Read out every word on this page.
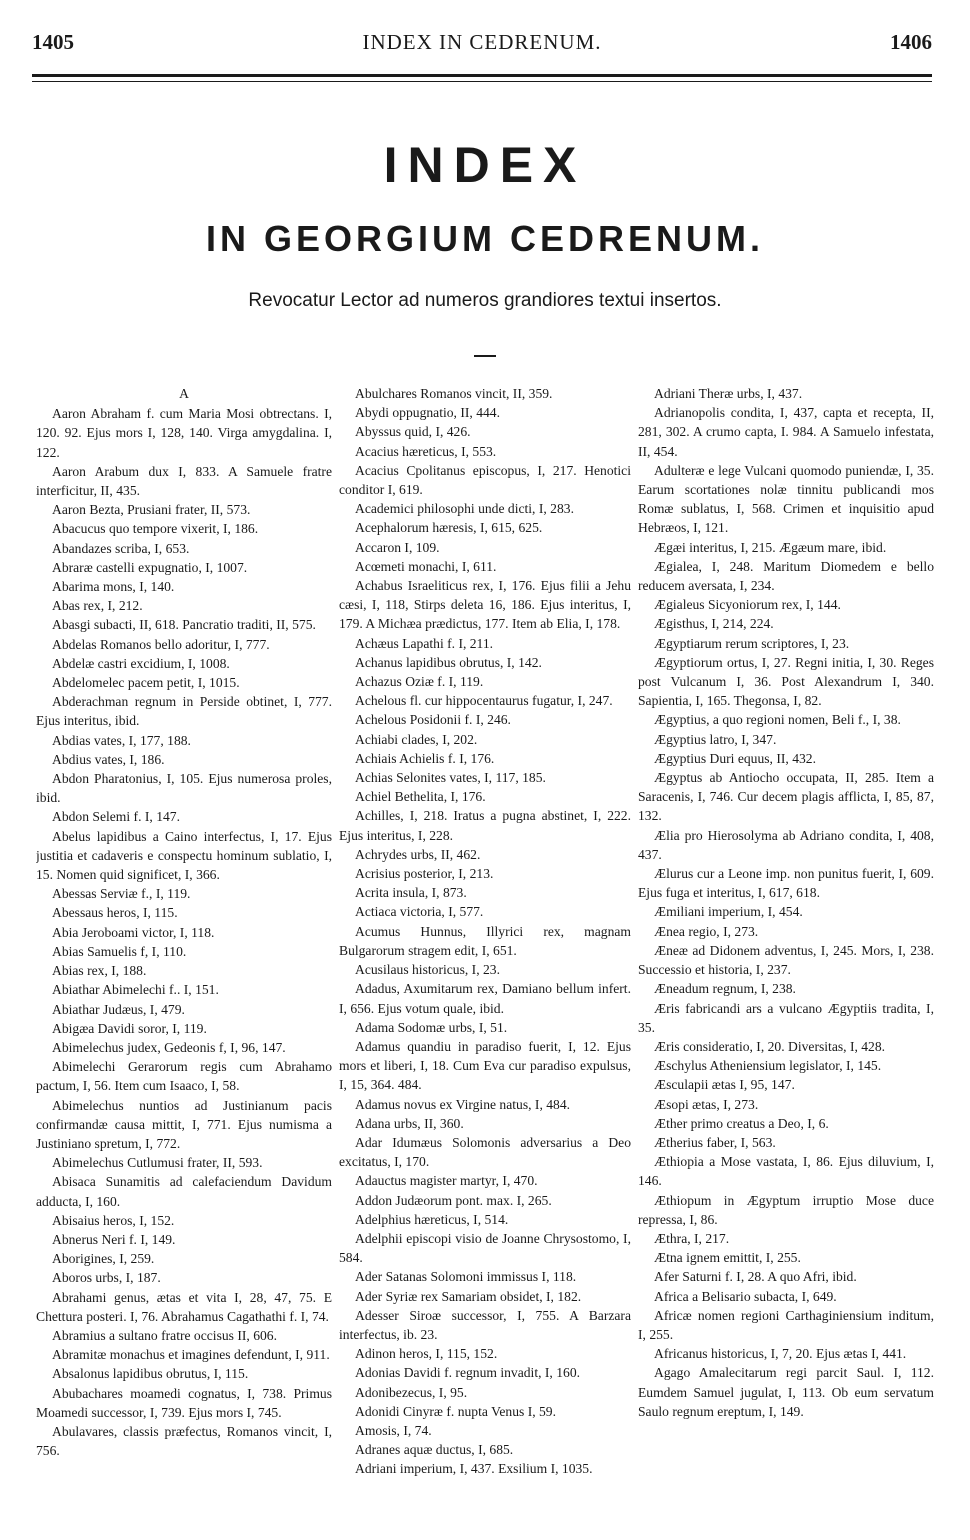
1405	INDEX IN CEDRENUM.	1406
INDEX
IN GEORGIUM CEDRENUM.
Revocatur Lector ad numeros grandiores textui insertos.
A

Aaron Abraham f. cum Maria Mosi obtrectans. I, 120. 92. Ejus mors I, 128, 140. Virga amygdalina. I, 122.

Aaron Arabum dux I, 833. A Samuele fratre interficitur, II, 435.

Aaron Bezta, Prusiani frater, II, 573.

Abacucus quo tempore vixerit, I, 186.

Abandazes scriba, I, 653.

Abraræ castelli expugnatio, I, 1007.

Abarima mons, I, 140.

Abas rex, I, 212.

Abasgi subacti, II, 618. Pancratio traditi, II, 575.

Abdelas Romanos bello adoritur, I, 777.

Abdelæ castri excidium, I, 1008.

Abdelomelec pacem petit, I, 1015.

Abderachman regnum in Perside obtinet, I, 777. Ejus interitus, ibid.

Abdias vates, I, 177, 188.

Abdius vates, I, 186.

Abdon Pharatonius, I, 105. Ejus numerosa proles, ibid.

Abdon Selemi f. I, 147.

Abelus lapidibus a Caino interfectus, I, 17. Ejus justitia et cadaveris e conspectu hominum sublatio, I, 15. Nomen quid significet, I, 366.

Abessas Serviæ f., I, 119.

Abessaus heros, I, 115.

Abia Jeroboami victor, I, 118.

Abias Samuelis f, I, 110.

Abias rex, I, 188.

Abiathar Abimelechi f.. I, 151.

Abiathar Judæus, I, 479.

Abigæa Davidi soror, I, 119.

Abimelechus judex, Gedeonis f, I, 96, 147.

Abimelechi Gerarorum regis cum Abrahamo pactum, I, 56. Item cum Isaaco, I, 58.

Abimelechus nuntios ad Justinianum pacis confirmandæ causa mittit, I, 771. Ejus numisma a Justiniano spretum, I, 772.

Abimelechus Cutlumusi frater, II, 593.

Abisaca Sunamitis ad calefaciendum Davidum adducta, I, 160.

Abisaius heros, I, 152.

Abnerus Neri f. I, 149.

Aborigines, I, 259.

Aboros urbs, I, 187.

Abrahami genus, ætas et vita I, 28, 47, 75. E Chettura posteri. I, 76. Abrahamus Cagathathi f. I, 74.

Abramius a sultano fratre occisus II, 606.

Abramitæ monachus et imagines defendunt, I, 911.

Absalonus lapidibus obrutus, I, 115.

Abubachares moamedi cognatus, I, 738. Primus Moamedi successor, I, 739. Ejus mors I, 745.

Abulavares, classis præfectus, Romanos vincit, I, 756.

Abulchares Romanos vincit, II, 359.

Abydi oppugnatio, II, 444.

Abyssus quid, I, 426.

Acacius hæreticus, I, 553.

Acacius Cpolitanus episcopus, I, 217. Henotici conditor I, 619.

Academici philosophi unde dicti, I, 283.

Acephalorum hæresis, I, 615, 625.

Accaron I, 109.

Acœmeti monachi, I, 611.

Achabus Israeliticus rex, I, 176. Ejus filii a Jehu cæsi, I, 118, Stirps deleta 16, 186. Ejus interitus, I, 179. A Michæa prædictus, 177. Item ab Elia, I, 178.

Achæus Lapathi f. I, 211.

Achanus lapidibus obrutus, I, 142.

Achazus Oziæ f. I, 119.

Achelous fl. cur hippocentaurus fugatur, I, 247.

Achelous Posidonii f. I, 246.

Achiabi clades, I, 202.

Achiais Achielis f. I, 176.

Achias Selonites vates, I, 117, 185.

Achiel Bethelita, I, 176.

Achilles, I, 218. Iratus a pugna abstinet, I, 222. Ejus interitus, I, 228.

Achrydes urbs, II, 462.

Acrisius posterior, I, 213.

Acrita insula, I, 873.

Actiaca victoria, I, 577.

Acumus Hunnus, Illyrici rex, magnam Bulgarorum stragem edit, I, 651.

Acusilaus historicus, I, 23.

Adadus, Axumitarum rex, Damiano bellum infert. I, 656. Ejus votum quale, ibid.

Adama Sodomæ urbs, I, 51.

Adamus quandiu in paradiso fuerit, I, 12. Ejus mors et liberi, I, 18. Cum Eva cur paradiso expulsus, I, 15, 364. 484.

Adamus novus ex Virgine natus, I, 484.

Adana urbs, II, 360.

Adar Idumæus Solomonis adversarius a Deo excitatus, I, 170.

Adauctus magister martyr, I, 470.

Addon Judæorum pont. max. I, 265.

Adelphius hæreticus, I, 514.

Adelphii episcopi visio de Joanne Chrysostomo, I, 584.

Ader Satanas Solomoni immissus I, 118.

Ader Syriæ rex Samariam obsidet, I, 182.

Adesser Siroæ successor, I, 755. A Barzara interfectus, ib. 23.

Adinon heros, I, 115, 152.

Adonias Davidi f. regnum invadit, I, 160.

Adonibezecus, I, 95.

Adonidi Cinyræ f. nupta Venus I, 59.

Amosis, I, 74.

Adranes aquæ ductus, I, 685.

Adriani imperium, I, 437. Exsilium I, 1035.

Adriani Theræ urbs, I, 437.

Adrianopolis condita, I, 437, capta et recepta, II, 281, 302. A crumo capta, I. 984. A Samuelo infestata, II, 454.

Adulteræ e lege Vulcani quomodo puniendæ, I, 35. Earum scortationes nolæ tinnitu publicandi mos Romæ sublatus, I, 568. Crimen et inquisitio apud Hebræos, I, 121.

Ægæi interitus, I, 215. Ægæum mare, ibid.

Ægialea, I, 248. Maritum Diomedem e bello reducem aversata, I, 234.

Ægialeus Sicyoniorum rex, I, 144.

Ægisthus, I, 214, 224.

Ægyptiarum rerum scriptores, I, 23.

Ægyptiorum ortus, I, 27. Regni initia, I, 30. Reges post Vulcanum I, 36. Post Alexandrum I, 340. Sapientia, I, 165. Thegonsa, I, 82.

Ægyptius, a quo regioni nomen, Beli f., I, 38.

Ægyptius latro, I, 347.

Ægyptius Duri equus, II, 432.

Ægyptus ab Antiocho occupata, II, 285. Item a Saracenis, I, 746. Cur decem plagis afflicta, I, 85, 87, 132.

Ælia pro Hierosolyma ab Adriano condita, I, 408, 437.

Ælurus cur a Leone imp. non punitus fuerit, I, 609. Ejus fuga et interitus, I, 617, 618.

Æmiliani imperium, I, 454.

Ænea regio, I, 273.

Æneæ ad Didonem adventus, I, 245. Mors, I, 238. Successio et historia, I, 237.

Æneadum regnum, I, 238.

Æris fabricandi ars a vulcano Ægyptiis tradita, I, 35.

Æris consideratio, I, 20. Diversitas, I, 428.

Æschylus Atheniensium legislator, I, 145.

Æsculapii ætas I, 95, 147.

Æsopi ætas, I, 273.

Æther primo creatus a Deo, I, 6.

Ætherius faber, I, 563.

Æthiopia a Mose vastata, I, 86. Ejus diluvium, I, 146.

Æthiopum in Ægyptum irruptio Mose duce repressa, I, 86.

Æthra, I, 217.

Ætna ignem emittit, I, 255.

Afer Saturni f. I, 28. A quo Afri, ibid.

Africa a Belisario subacta, I, 649.

Africæ nomen regioni Carthaginiensium inditum, I, 255.

Africanus historicus, I, 7, 20. Ejus ætas I, 441.

Agago Amalecitarum regi parcit Saul. I, 112. Eumdem Samuel jugulat, I, 113. Ob eum servatum Saulo regnum ereptum, I, 149.
